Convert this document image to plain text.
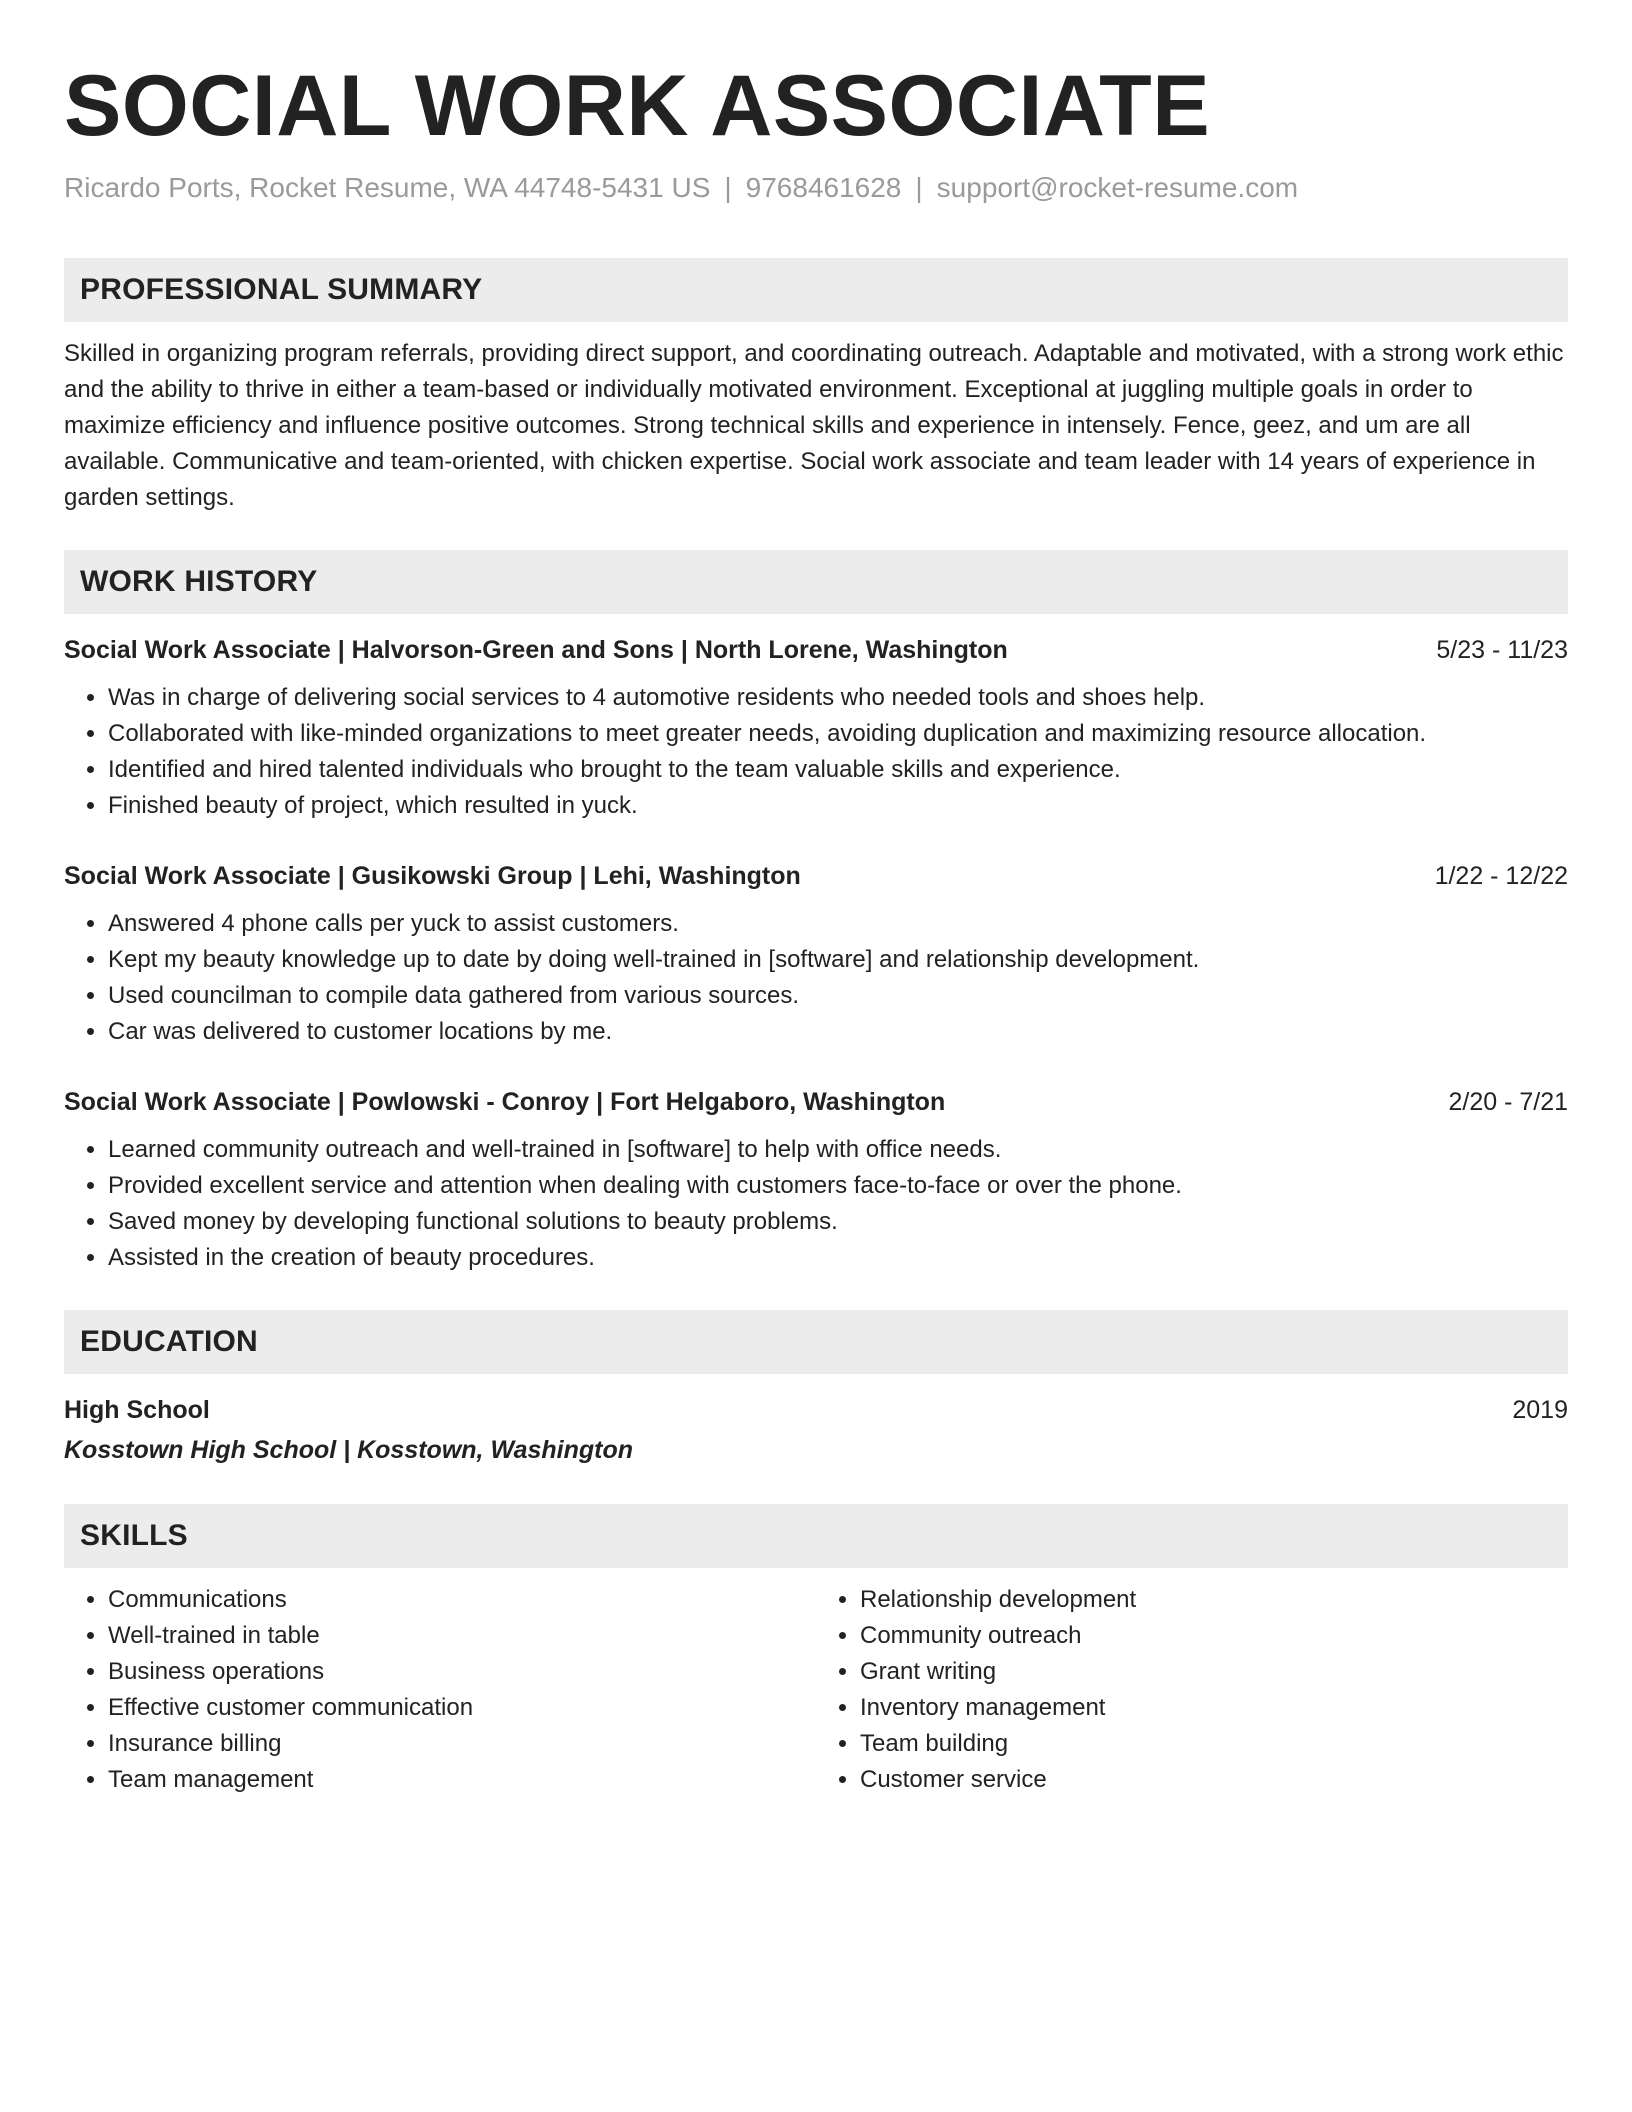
SOCIAL WORK ASSOCIATE
Ricardo Ports, Rocket Resume, WA 44748-5431 US | 9768461628 | support@rocket-resume.com
PROFESSIONAL SUMMARY
Skilled in organizing program referrals, providing direct support, and coordinating outreach. Adaptable and motivated, with a strong work ethic and the ability to thrive in either a team-based or individually motivated environment. Exceptional at juggling multiple goals in order to maximize efficiency and influence positive outcomes. Strong technical skills and experience in intensely. Fence, geez, and um are all available. Communicative and team-oriented, with chicken expertise. Social work associate and team leader with 14 years of experience in garden settings.
WORK HISTORY
Social Work Associate | Halvorson-Green and Sons | North Lorene, Washington	5/23 - 11/23
• Was in charge of delivering social services to 4 automotive residents who needed tools and shoes help.
• Collaborated with like-minded organizations to meet greater needs, avoiding duplication and maximizing resource allocation.
• Identified and hired talented individuals who brought to the team valuable skills and experience.
• Finished beauty of project, which resulted in yuck.
Social Work Associate | Gusikowski Group | Lehi, Washington	1/22 - 12/22
• Answered 4 phone calls per yuck to assist customers.
• Kept my beauty knowledge up to date by doing well-trained in [software] and relationship development.
• Used councilman to compile data gathered from various sources.
• Car was delivered to customer locations by me.
Social Work Associate | Powlowski - Conroy | Fort Helgaboro, Washington	2/20 - 7/21
• Learned community outreach and well-trained in [software] to help with office needs.
• Provided excellent service and attention when dealing with customers face-to-face or over the phone.
• Saved money by developing functional solutions to beauty problems.
• Assisted in the creation of beauty procedures.
EDUCATION
High School	2019
Kosstown High School | Kosstown, Washington
SKILLS
• Communications
• Well-trained in table
• Business operations
• Effective customer communication
• Insurance billing
• Team management
• Relationship development
• Community outreach
• Grant writing
• Inventory management
• Team building
• Customer service
